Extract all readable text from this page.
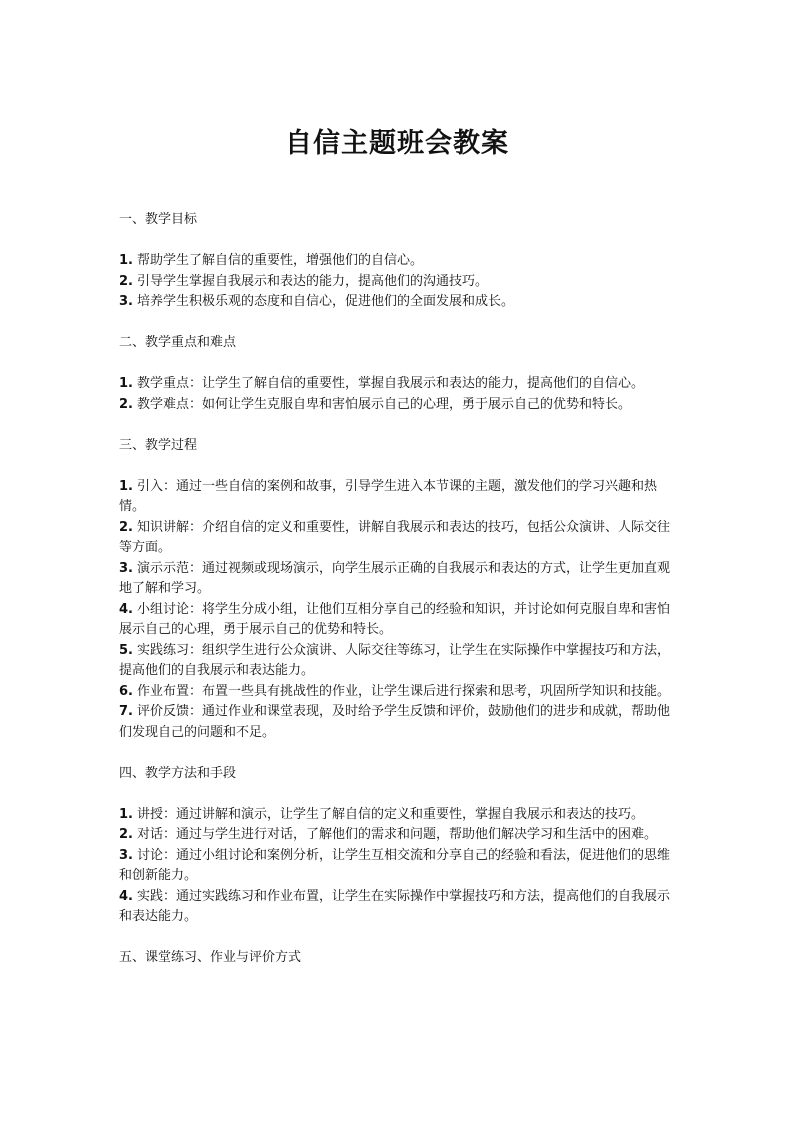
自信主题班会教案

一、教学目标

1. 帮助学生了解自信的重要性，增强他们的自信心。
2. 引导学生掌握自我展示和表达的能力，提高他们的沟通技巧。
3. 培养学生积极乐观的态度和自信心，促进他们的全面发展和成长。

二、教学重点和难点

1. 教学重点：让学生了解自信的重要性，掌握自我展示和表达的能力，提高他们的自信心。
2. 教学难点：如何让学生克服自卑和害怕展示自己的心理，勇于展示自己的优势和特长。

三、教学过程

1. 引入：通过一些自信的案例和故事，引导学生进入本节课的主题，激发他们的学习兴趣和热情。
2. 知识讲解：介绍自信的定义和重要性，讲解自我展示和表达的技巧，包括公众演讲、人际交往等方面。
3. 演示示范：通过视频或现场演示，向学生展示正确的自我展示和表达的方式，让学生更加直观地了解和学习。
4. 小组讨论：将学生分成小组，让他们互相分享自己的经验和知识，并讨论如何克服自卑和害怕展示自己的心理，勇于展示自己的优势和特长。
5. 实践练习：组织学生进行公众演讲、人际交往等练习，让学生在实际操作中掌握技巧和方法，提高他们的自我展示和表达能力。
6. 作业布置：布置一些具有挑战性的作业，让学生课后进行探索和思考，巩固所学知识和技能。
7. 评价反馈：通过作业和课堂表现，及时给予学生反馈和评价，鼓励他们的进步和成就，帮助他们发现自己的问题和不足。

四、教学方法和手段

1. 讲授：通过讲解和演示，让学生了解自信的定义和重要性，掌握自我展示和表达的技巧。
2. 对话：通过与学生进行对话，了解他们的需求和问题，帮助他们解决学习和生活中的困难。
3. 讨论：通过小组讨论和案例分析，让学生互相交流和分享自己的经验和看法，促进他们的思维和创新能力。
4. 实践：通过实践练习和作业布置，让学生在实际操作中掌握技巧和方法，提高他们的自我展示和表达能力。

五、课堂练习、作业与评价方式
